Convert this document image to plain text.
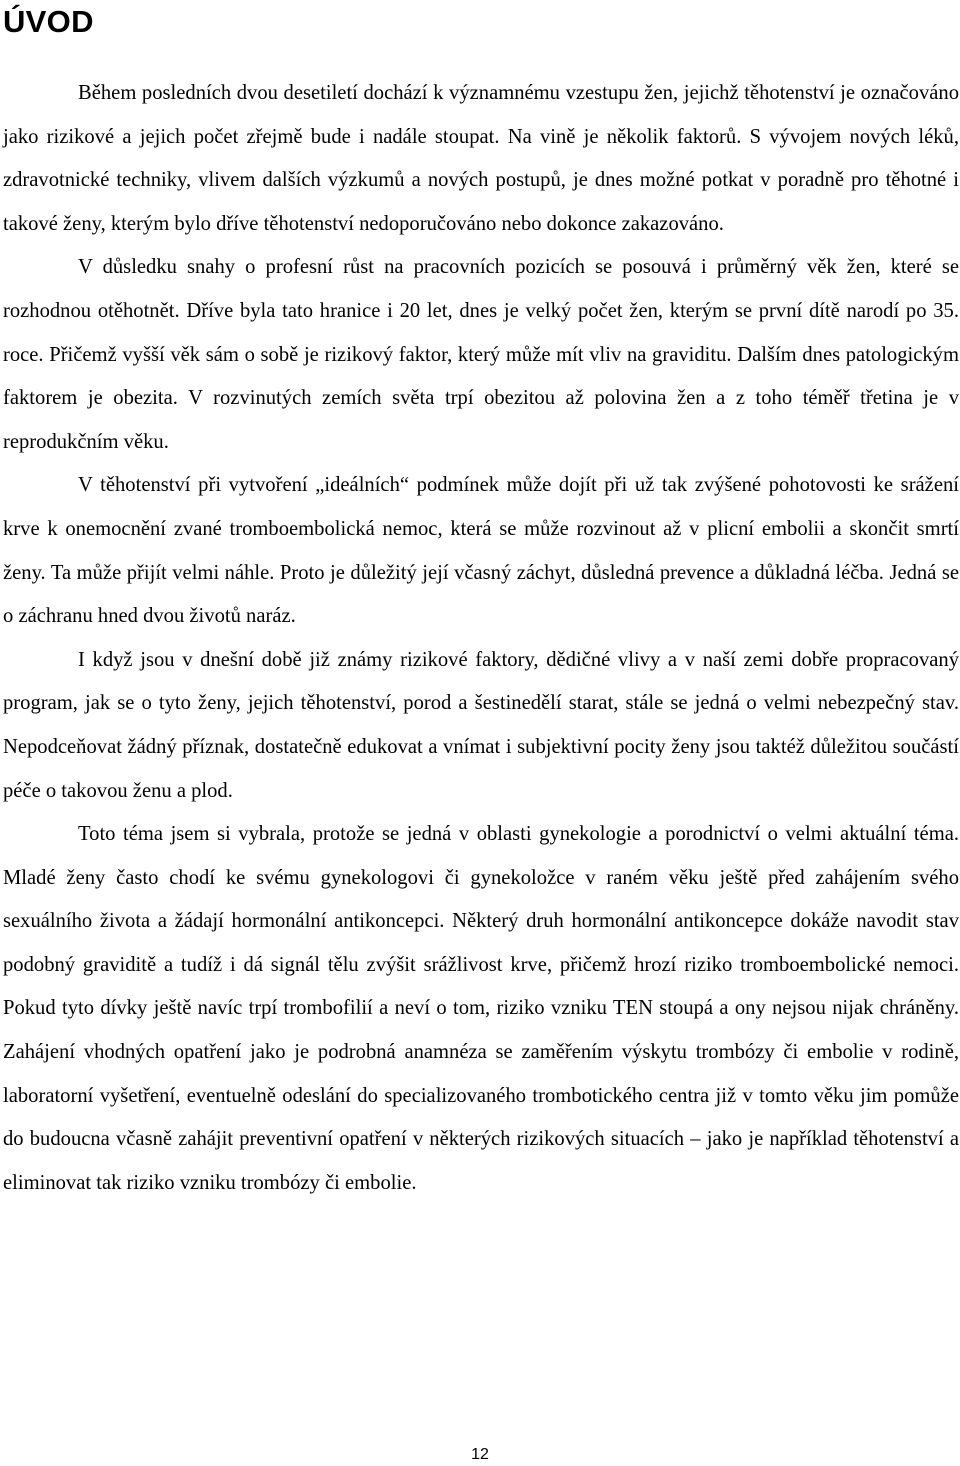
ÚVOD

Během posledních dvou desetiletí dochází k významnému vzestupu žen, jejichž těhotenství je označováno jako rizikové a jejich počet zřejmě bude i nadále stoupat. Na vině je několik faktorů. S vývojem nových léků, zdravotnické techniky, vlivem dalších výzkumů a nových postupů, je dnes možné potkat v poradně pro těhotné i takové ženy, kterým bylo dříve těhotenství nedoporučováno nebo dokonce zakazováno.

V důsledku snahy o profesní růst na pracovních pozicích se posouvá i průměrný věk žen, které se rozhodnou otěhotnět. Dříve byla tato hranice i 20 let, dnes je velký počet žen, kterým se první dítě narodí po 35. roce. Přičemž vyšší věk sám o sobě je rizikový faktor, který může mít vliv na graviditu. Dalším dnes patologickým faktorem je obezita. V rozvinutých zemích světa trpí obezitou až polovina žen a z toho téměř třetina je v reprodukčním věku.

V těhotenství při vytvoření „ideálních“ podmínek může dojít při už tak zvýšené pohotovosti ke srážení krve k onemocnění zvané tromboembolická nemoc, která se může rozvinout až v plicní embolii a skončit smrtí ženy. Ta může přijít velmi náhle. Proto je důležitý její včasný záchyt, důsledná prevence a důkladná léčba. Jedná se o záchranu hned dvou životů naráz.

I když jsou v dnešní době již známy rizikové faktory, dědičné vlivy a v naší zemi dobře propracovaný program, jak se o tyto ženy, jejich těhotenství, porod a šestinedělí starat, stále se jedná o velmi nebezpečný stav. Nepodceňovat žádný příznak, dostatečně edukovat a vnímat i subjektivní pocity ženy jsou taktéž důležitou součástí péče o takovou ženu a plod.

Toto téma jsem si vybrala, protože se jedná v oblasti gynekologie a porodnictví o velmi aktuální téma. Mladé ženy často chodí ke svému gynekologovi či gynekoložce v raném věku ještě před zahájením svého sexuálního života a žádají hormonální antikoncepci. Některý druh hormonální antikoncepce dokáže navodit stav podobný graviditě a tudíž i dá signál tělu zvýšit srážlivost krve, přičemž hrozí riziko tromboembolické nemoci. Pokud tyto dívky ještě navíc trpí trombofilií a neví o tom, riziko vzniku TEN stoupá a ony nejsou nijak chráněny. Zahájení vhodných opatření jako je podrobná anamnéza se zaměřením výskytu trombózy či embolie v rodině, laboratorní vyšetření, eventuelně odeslání do specializovaného trombotického centra již v tomto věku jim pomůže do budoucna včasně zahájit preventivní opatření v některých rizikových situacích – jako je například těhotenství a eliminovat tak riziko vzniku trombózy či embolie.

12
